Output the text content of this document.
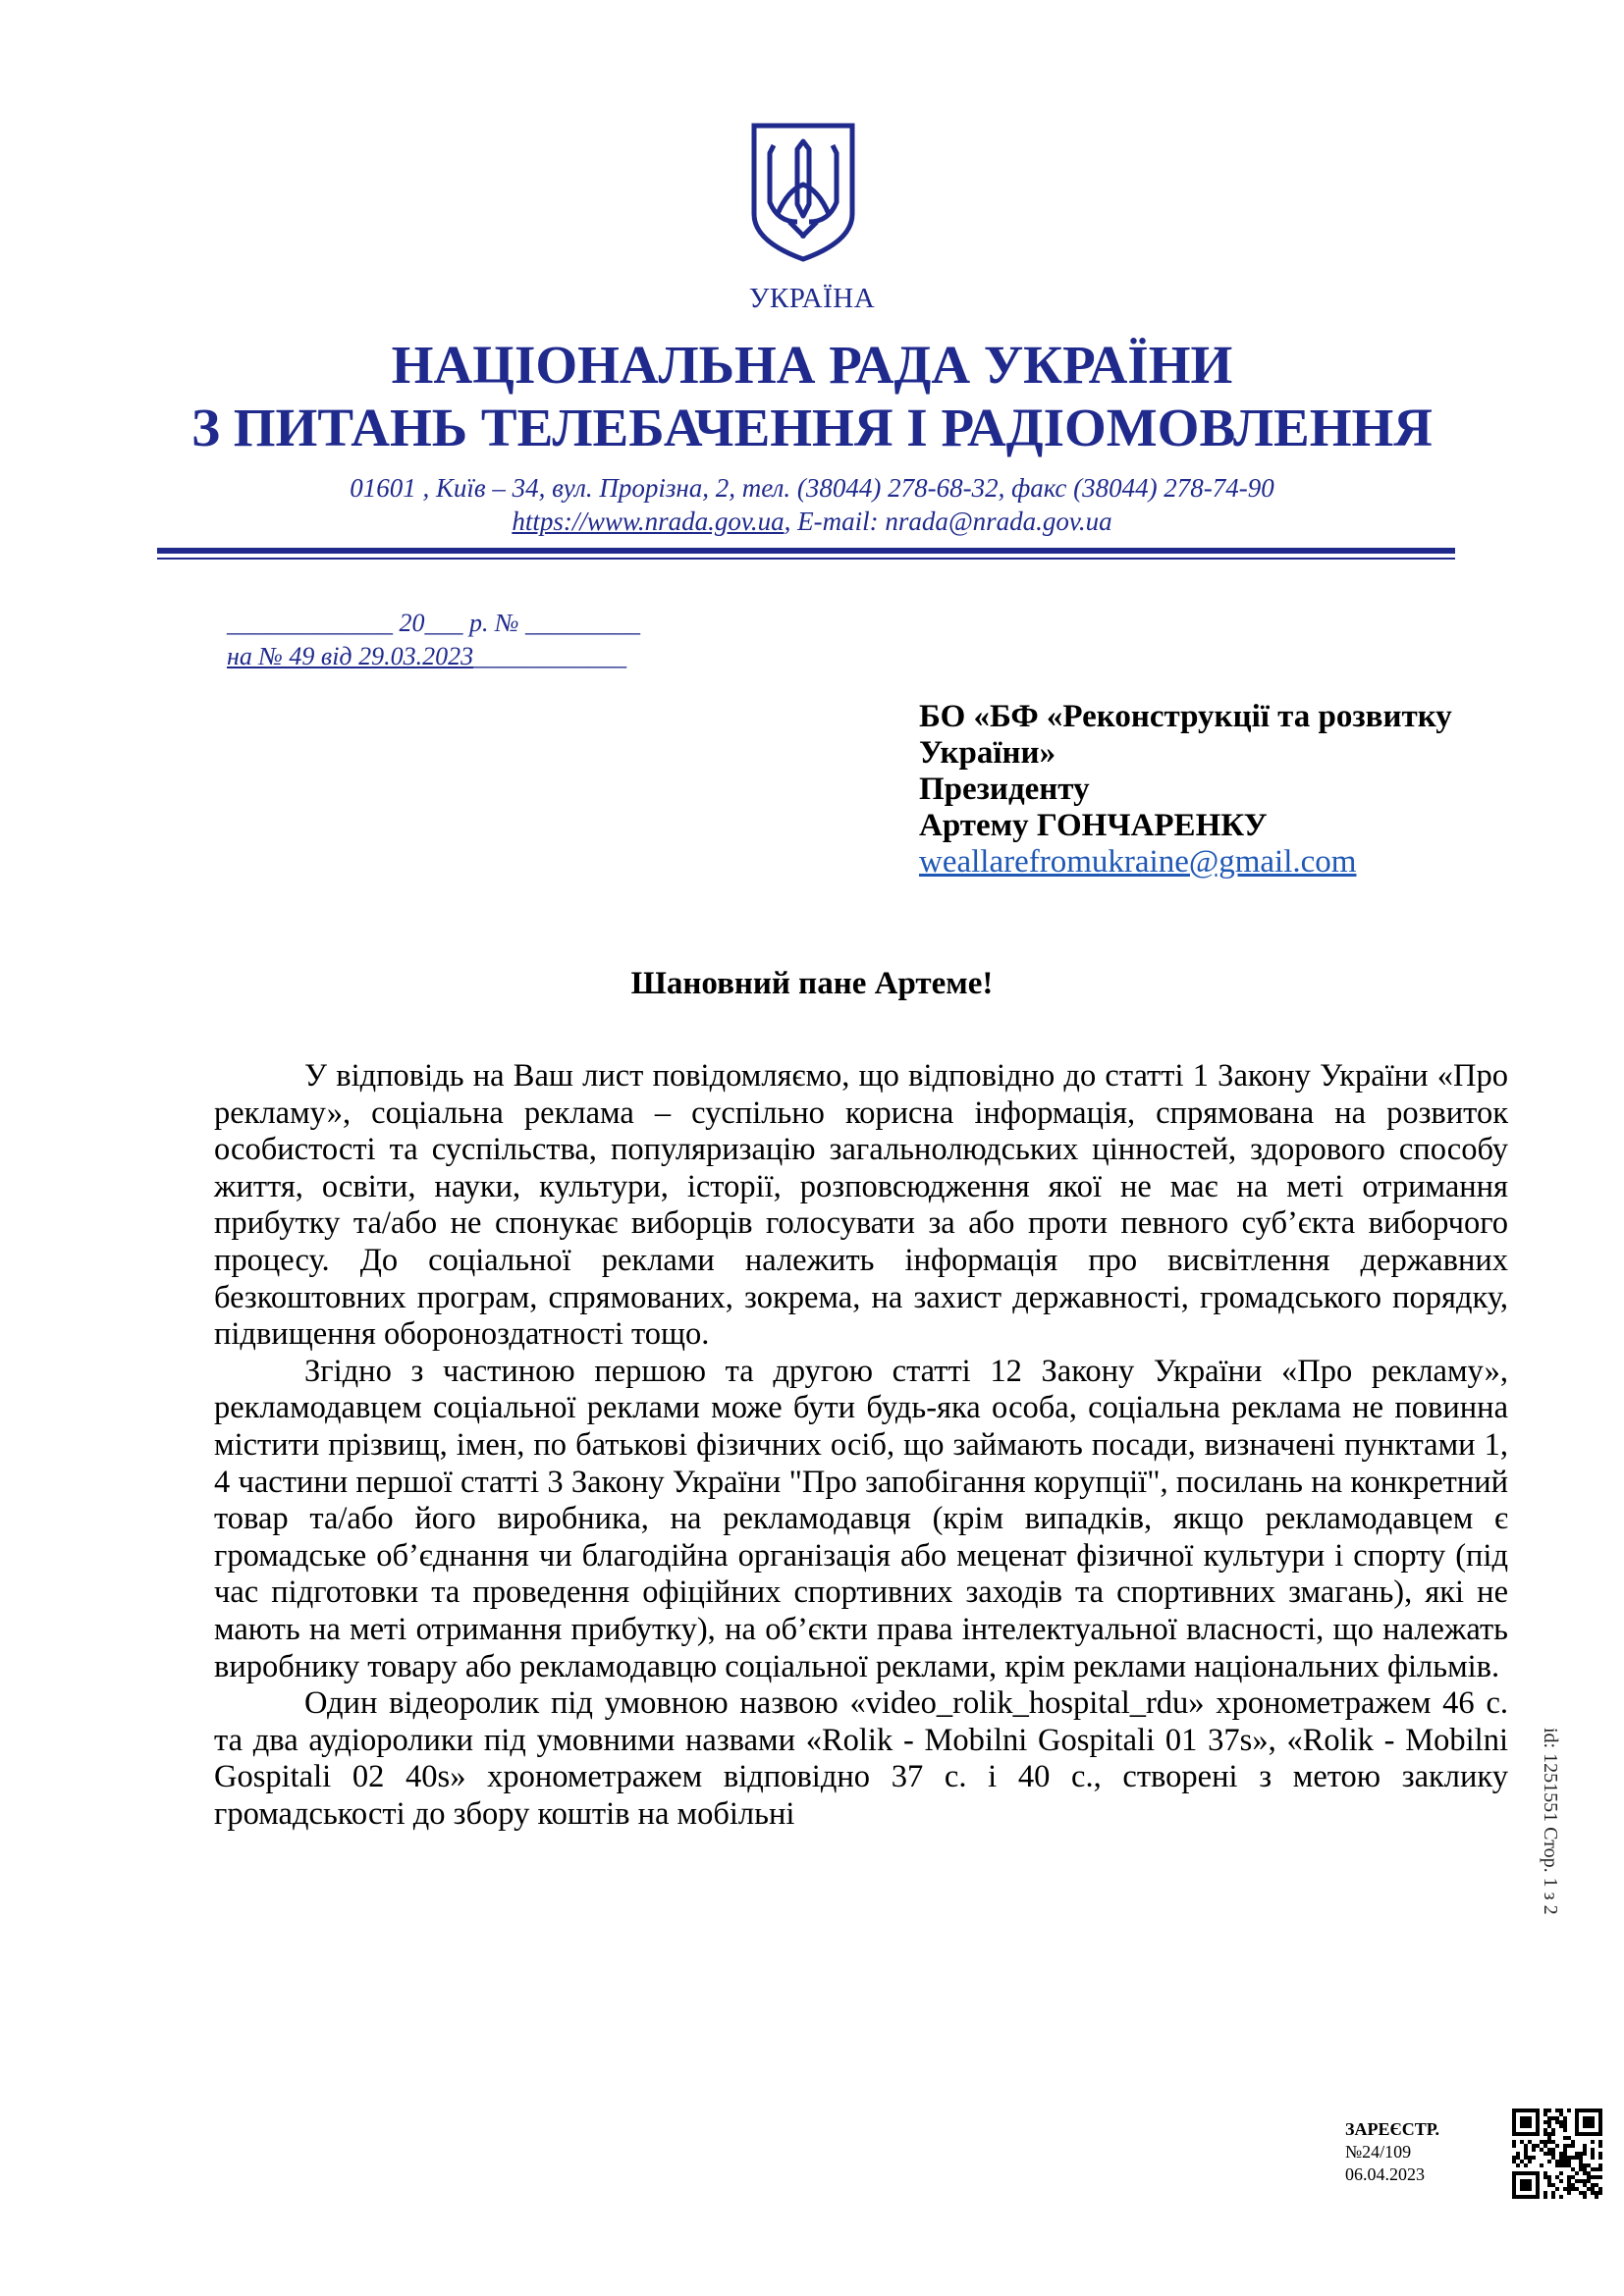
УКРАЇНА
НАЦІОНАЛЬНА РАДА УКРАЇНИ
З ПИТАНЬ ТЕЛЕБАЧЕННЯ І РАДІОМОВЛЕННЯ
01601 , Київ – 34, вул. Прорізна, 2, тел. (38044) 278-68-32, факс (38044) 278-74-90
https://www.nrada.gov.ua, E-mail: nrada@nrada.gov.ua
_____________ 20___ р. № _________
на № 49 від 29.03.2023____________
БО «БФ «Реконструкції та розвитку
України»
Президенту
Артему ГОНЧАРЕНКУ
weallarefromukraine@gmail.com
Шановний пане Артеме!

У відповідь на Ваш лист повідомляємо, що відповідно до статті 1 Закону України «Про рекламу», соціальна реклама – суспільно корисна інформація, спрямована на розвиток особистості та суспільства, популяризацію загальнолюдських цінностей, здорового способу життя, освіти, науки, культури, історії, розповсюдження якої не має на меті отримання прибутку та/або не спонукає виборців голосувати за або проти певного суб’єкта виборчого процесу. До соціальної реклами належить інформація про висвітлення державних безкоштовних програм, спрямованих, зокрема, на захист державності, громадського порядку, підвищення обороноздатності тощо.

Згідно з частиною першою та другою статті 12 Закону України «Про рекламу», рекламодавцем соціальної реклами може бути будь-яка особа, соціальна реклама не повинна містити прізвищ, імен, по батькові фізичних осіб, що займають посади, визначені пунктами 1, 4 частини першої статті 3 Закону України "Про запобігання корупції", посилань на конкретний товар та/або його виробника, на рекламодавця (крім випадків, якщо рекламодавцем є громадське об’єднання чи благодійна організація або меценат фізичної культури і спорту (під час підготовки та проведення офіційних спортивних заходів та спортивних змагань), які не мають на меті отримання прибутку), на об’єкти права інтелектуальної власності, що належать виробнику товару або рекламодавцю соціальної реклами, крім реклами національних фільмів.

Один відеоролик під умовною назвою «video_rolik_hospital_rdu» хронометражем 46 с. та два аудіоролики під умовними назвами «Rolik - Mobilni Gospitali 01 37s», «Rolik - Mobilni Gospitali 02 40s» хронометражем відповідно 37 с. і 40 с., створені з метою заклику громадськості до збору коштів на мобільні	id: 1251551 Стор. 1 з 2
ЗАРЕЄСТР.
№24/109
06.04.2023
